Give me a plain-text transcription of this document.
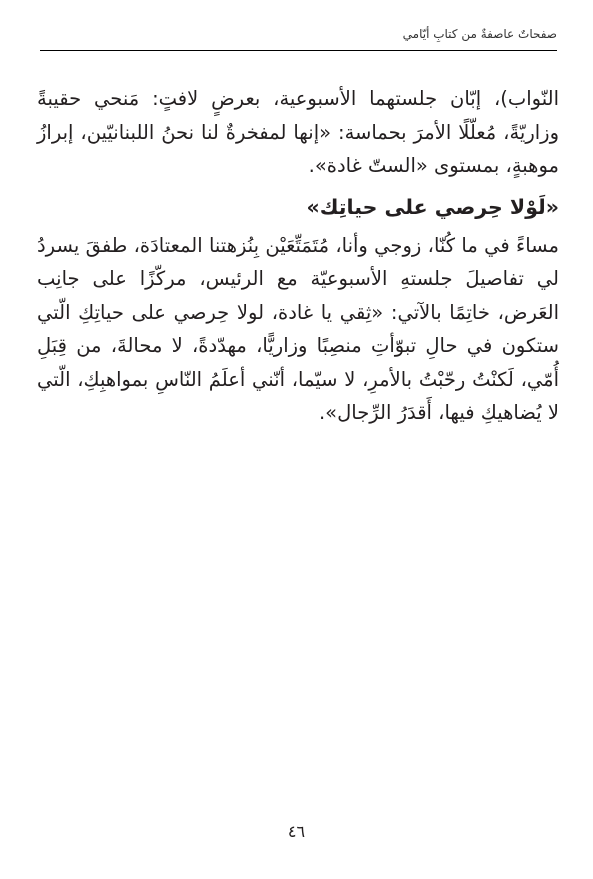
صفحاتٌ عاصفةٌ من كتابِ أيّامي

النّواب)، إبّان جلستهما الأسبوعية، بعرضٍ لافتٍ: مَنحي حقيبةً وزاريّةً، مُعلّلًا الأمرَ بحماسة: «إنها لمفخرةٌ لنا نحنُ اللبنانيّين، إبرازُ موهبةٍ، بمستوى «الستّ غادة».

«لَوْلا حِرصي على حياتِك»

مساءً في ما كُنّا، زوجي وأنا، مُتَمَتِّعَيْن بِنُزهتنا المعتادَة، طفقَ يسردُ لي تفاصيلَ جلستهِ الأسبوعيّة مع الرئيس، مركّزًا على جانِب العَرض، خاتِمًا بالآتي: «ثِقي يا غادة، لولا حِرصي على حياتِكِ الّتي ستكون في حالِ تبوّأتِ منصِبًا وزاريًّا، مهدّدةً، لا محالةَ، من قِبَلِ أُمّي، لَكنْتُ رحّبْتُ بالأمرِ، لا سيّما، أنّني أعلَمُ النّاسِ بمواهبِكِ، الّتي لا يُضاهيكِ فيها، أَقدَرُ الرِّجال».

٤٦
